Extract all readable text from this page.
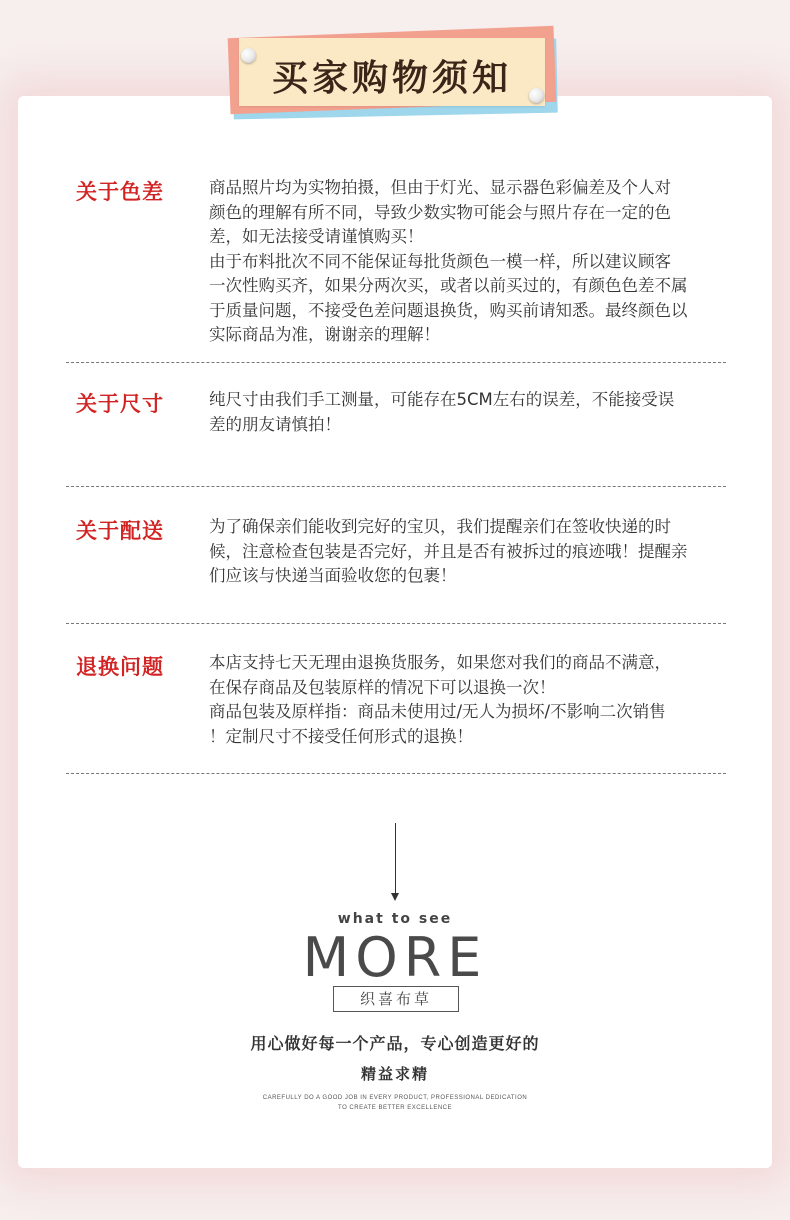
买家购物须知
关于色差	商品照片均为实物拍摄，但由于灯光、显示器色彩偏差及个人对
颜色的理解有所不同，导致少数实物可能会与照片存在一定的色
差，如无法接受请谨慎购买！
由于布料批次不同不能保证每批货颜色一模一样，所以建议顾客
一次性购买齐，如果分两次买，或者以前买过的，有颜色色差不属
于质量问题，不接受色差问题退换货，购买前请知悉。最终颜色以
实际商品为准，谢谢亲的理解！
关于尺寸	纯尺寸由我们手工测量，可能存在5CM左右的误差，不能接受误
差的朋友请慎拍！
关于配送	为了确保亲们能收到完好的宝贝，我们提醒亲们在签收快递的时
候，注意检查包装是否完好，并且是否有被拆过的痕迹哦！提醒亲
们应该与快递当面验收您的包裹！
退换问题	本店支持七天无理由退换货服务，如果您对我们的商品不满意，
在保存商品及包装原样的情况下可以退换一次！
商品包装及原样指：商品未使用过/无人为损坏/不影响二次销售
！定制尺寸不接受任何形式的退换！
what to see
MORE
织喜布草
用心做好每一个产品，专心创造更好的
精益求精
CAREFULLY DO A GOOD JOB IN EVERY PRODUCT, PROFESSIONAL DEDICATION
TO CREATE BETTER EXCELLENCE
